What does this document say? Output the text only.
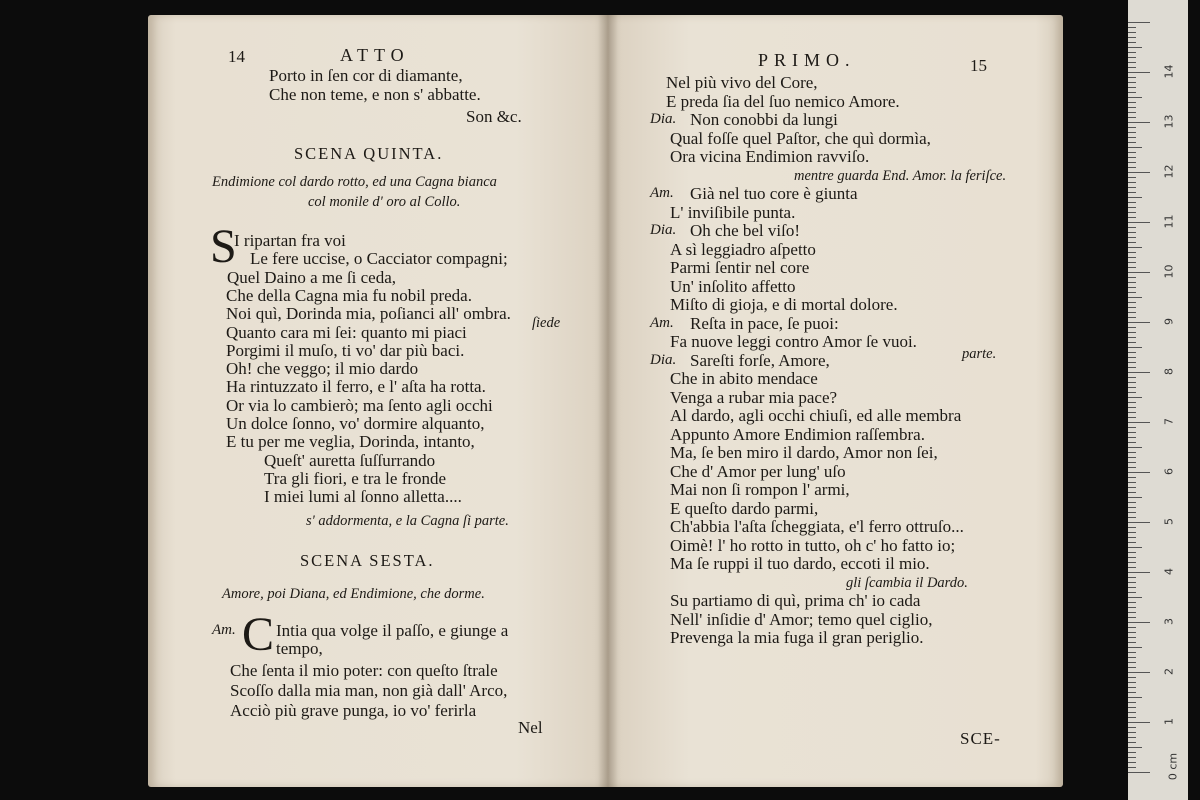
14	ATTO
Porto in ſen cor di diamante,
Che non teme, e non s' abbatte.
Son &c.
SCENA QUINTA.
Endimione col dardo rotto, ed una Cagna bianca
col monile d' oro al Collo.
S
I ripartan fra voi
Le fere uccise, o Cacciator compagni;
Quel Daino a me ſi ceda,
Che della Cagna mia fu nobil preda.
Noi quì, Dorinda mia, poſianci all' ombra.
Quanto cara mi ſei: quanto mi piaci
Porgimi il muſo, ti vo' dar più baci.
Oh! che veggo; il mio dardo
Ha rintuzzato il ferro, e l' aſta ha rotta.
Or via lo cambierò; ma ſento agli occhi
Un dolce ſonno, vo' dormire alquanto,
E tu per me veglia, Dorinda, intanto,
Queſt' auretta ſuſſurrando
Tra gli fiori, e tra le fronde
I miei lumi al ſonno alletta....
ſiede
s' addormenta, e la Cagna ſi parte.
SCENA SESTA.
Amore, poi Diana, ed Endimione, che dorme.
Am. C Intia qua volge il paſſo, e giunge a
tempo,
Che ſenta il mio poter: con queſto ſtrale
Scoſſo dalla mia man, non già dall' Arco,
Acciò più grave punga, io vo' ferirla
Nel
PRIMO.	15
Nel più vivo del Core,
E preda ſia del ſuo nemico Amore.
Dia. Non conobbi da lungi
Qual foſſe quel Paſtor, che quì dormìa,
Ora vicina Endimion ravviſo.
mentre guarda End. Amor. la feriſce.
Am. Già nel tuo core è giunta
L' inviſibile punta.
Dia. Oh che bel viſo!
A sì leggiadro aſpetto
Parmi ſentir nel core
Un' inſolito affetto
Miſto di gioja, e di mortal dolore.
Am. Reſta in pace, ſe puoi:
Fa nuove leggi contro Amor ſe vuoi.
Dia. Sareſti forſe, Amore,
Che in abito mendace
Venga a rubar mia pace?
Al dardo, agli occhi chiuſi, ed alle membra
Appunto Amore Endimion raſſembra.
Ma, ſe ben miro il dardo, Amor non ſei,
Che d' Amor per lung' uſo
Mai non ſi rompon l' armi,
E queſto dardo parmi,
Ch'abbia l'aſta ſcheggiata, e'l ferro ottruſo...
Oimè! l' ho rotto in tutto, oh c' ho fatto io;
Ma ſe ruppi il tuo dardo, eccoti il mio.
gli ſcambia il Dardo.
Su partiamo di quì, prima ch' io cada
Nell' inſidie d' Amor; temo quel ciglio,
Prevenga la mia fuga il gran periglio.
parte.
SCE-
0 cm
1
2
3
4
5
6
7
8
9
10
11
12
13
14
